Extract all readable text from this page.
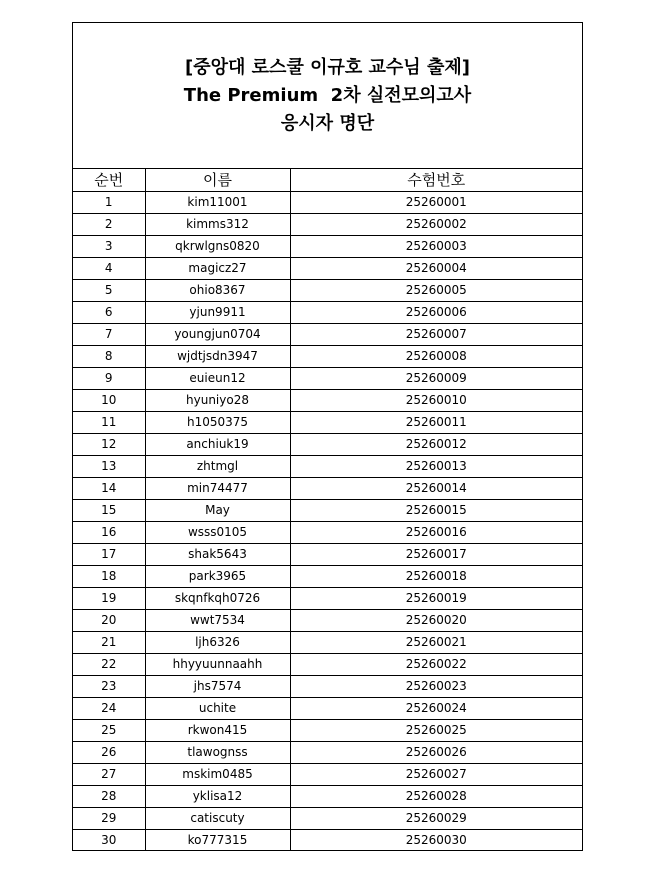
[중앙대 로스쿨 이규호 교수님 출제]
The Premium  2차 실전모의고사
응시자 명단
순번	이름	수험번호
1	kim11001	25260001
2	kimms312	25260002
3	qkrwlgns0820	25260003
4	magicz27	25260004
5	ohio8367	25260005
6	yjun9911	25260006
7	youngjun0704	25260007
8	wjdtjsdn3947	25260008
9	euieun12	25260009
10	hyuniyo28	25260010
11	h1050375	25260011
12	anchiuk19	25260012
13	zhtmgl	25260013
14	min74477	25260014
15	May	25260015
16	wsss0105	25260016
17	shak5643	25260017
18	park3965	25260018
19	skqnfkqh0726	25260019
20	wwt7534	25260020
21	ljh6326	25260021
22	hhyyuunnaahh	25260022
23	jhs7574	25260023
24	uchite	25260024
25	rkwon415	25260025
26	tlawognss	25260026
27	mskim0485	25260027
28	yklisa12	25260028
29	catiscuty	25260029
30	ko777315	25260030
